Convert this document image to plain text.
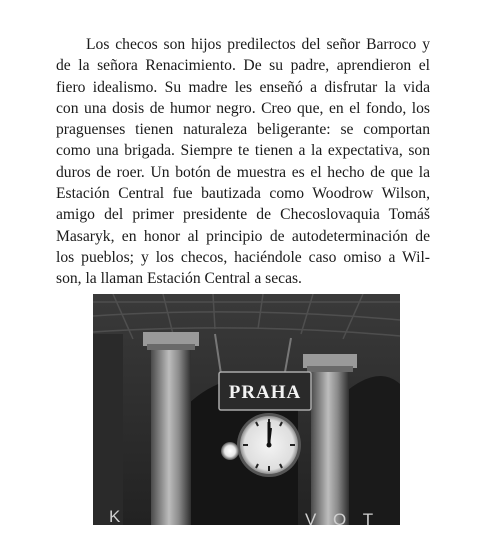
Los checos son hijos predilectos del señor Barroco y
de la señora Renacimiento. De su padre, aprendieron el
fiero idealismo. Su madre les enseñó a disfrutar la vida
con una dosis de humor negro. Creo que, en el fondo, los
praguenses tienen naturaleza beligerante: se comportan
como una brigada. Siempre te tienen a la expectativa, son
duros de roer. Un botón de muestra es el hecho de que la
Estación Central fue bautizada como Woodrow Wilson,
amigo del primer presidente de Checoslovaquia Tomáš
Masaryk, en honor al principio de autodeterminación de
los pueblos; y los checos, haciéndole caso omiso a Wil-
son, la llaman Estación Central a secas.

K	V O T
PRAHA
